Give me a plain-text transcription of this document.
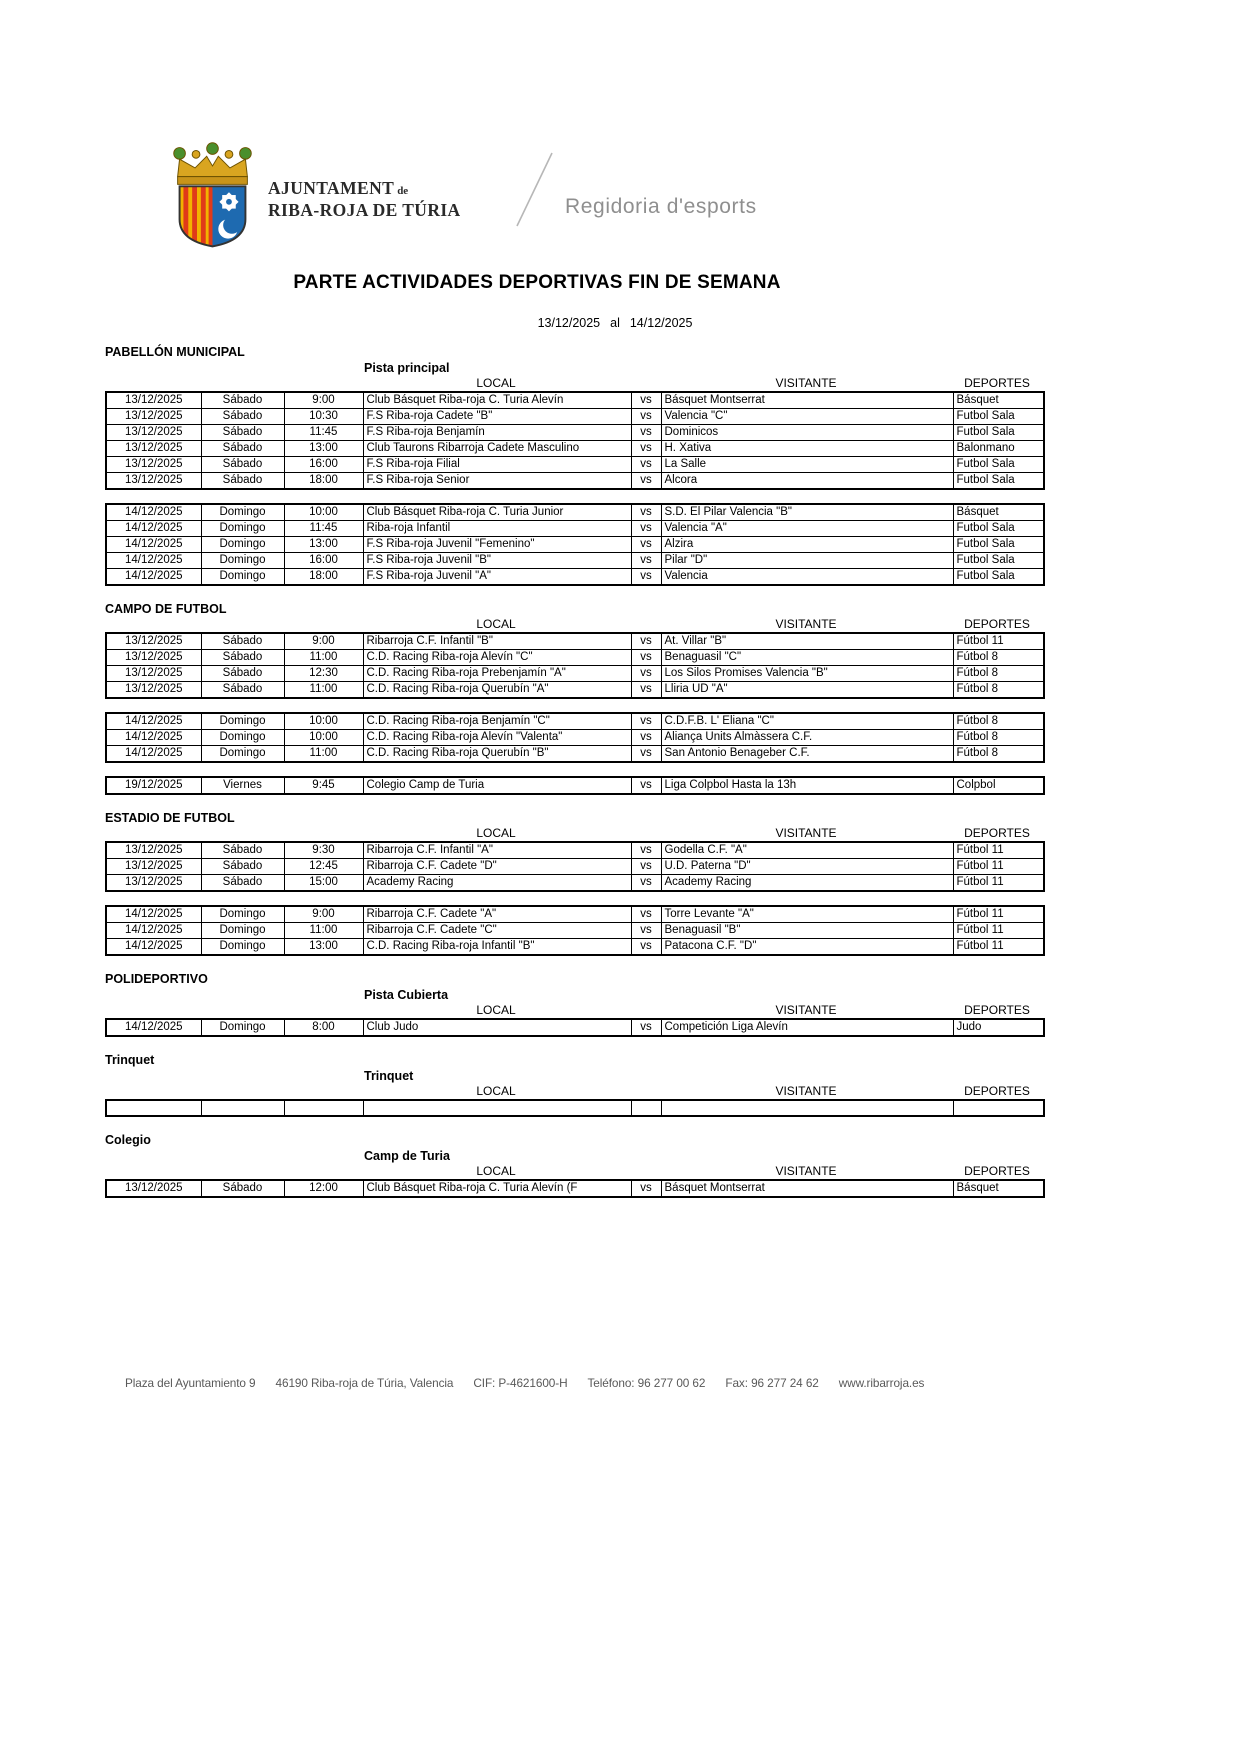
AJUNTAMENT de
RIBA-ROJA DE TÚRIA	Regidoria d'esports
PARTE ACTIVIDADES DEPORTIVAS FIN DE SEMANA
13/12/2025 al 14/12/2025
PABELLÓN MUNICIPAL
Pista principal
LOCAL	VISITANTE	DEPORTES
13/12/2025	Sábado	9:00	Club Básquet Riba-roja C. Turia Alevín	vs	Básquet Montserrat	Básquet
13/12/2025	Sábado	10:30	F.S Riba-roja Cadete "B"	vs	Valencia "C"	Futbol Sala
13/12/2025	Sábado	11:45	F.S Riba-roja Benjamín	vs	Dominicos	Futbol Sala
13/12/2025	Sábado	13:00	Club Taurons Ribarroja Cadete Masculino	vs	H. Xativa	Balonmano
13/12/2025	Sábado	16:00	F.S Riba-roja Filial	vs	La Salle	Futbol Sala
13/12/2025	Sábado	18:00	F.S Riba-roja Senior	vs	Alcora	Futbol Sala
14/12/2025	Domingo	10:00	Club Básquet Riba-roja C. Turia Junior	vs	S.D. El Pilar Valencia "B"	Básquet
14/12/2025	Domingo	11:45	Riba-roja Infantil	vs	Valencia "A"	Futbol Sala
14/12/2025	Domingo	13:00	F.S Riba-roja Juvenil "Femenino"	vs	Alzira	Futbol Sala
14/12/2025	Domingo	16:00	F.S Riba-roja Juvenil "B"	vs	Pilar "D"	Futbol Sala
14/12/2025	Domingo	18:00	F.S Riba-roja Juvenil "A"	vs	Valencia	Futbol Sala
CAMPO DE FUTBOL
LOCAL	VISITANTE	DEPORTES
13/12/2025	Sábado	9:00	Ribarroja C.F. Infantil "B"	vs	At. Villar "B"	Fútbol 11
13/12/2025	Sábado	11:00	C.D. Racing Riba-roja Alevín "C"	vs	Benaguasil "C"	Fútbol 8
13/12/2025	Sábado	12:30	C.D. Racing Riba-roja Prebenjamín "A"	vs	Los Silos Promises Valencia "B"	Fútbol 8
13/12/2025	Sábado	11:00	C.D. Racing Riba-roja Querubín "A"	vs	Lliria UD "A"	Fútbol 8
14/12/2025	Domingo	10:00	C.D. Racing Riba-roja Benjamín "C"	vs	C.D.F.B. L' Eliana "C"	Fútbol 8
14/12/2025	Domingo	10:00	C.D. Racing Riba-roja Alevín "Valenta"	vs	Aliança Units Almàssera C.F.	Fútbol 8
14/12/2025	Domingo	11:00	C.D. Racing Riba-roja Querubín "B"	vs	San Antonio Benageber C.F.	Fútbol 8
19/12/2025	Viernes	9:45	Colegio Camp de Turia	vs	Liga Colpbol Hasta la 13h	Colpbol
ESTADIO DE FUTBOL
LOCAL	VISITANTE	DEPORTES
13/12/2025	Sábado	9:30	Ribarroja C.F. Infantil "A"	vs	Godella C.F. "A"	Fútbol 11
13/12/2025	Sábado	12:45	Ribarroja C.F. Cadete "D"	vs	U.D. Paterna "D"	Fútbol 11
13/12/2025	Sábado	15:00	Academy Racing	vs	Academy Racing	Fútbol 11
14/12/2025	Domingo	9:00	Ribarroja C.F. Cadete "A"	vs	Torre Levante "A"	Fútbol 11
14/12/2025	Domingo	11:00	Ribarroja C.F. Cadete "C"	vs	Benaguasil "B"	Fútbol 11
14/12/2025	Domingo	13:00	C.D. Racing Riba-roja Infantil "B"	vs	Patacona C.F. "D"	Fútbol 11
POLIDEPORTIVO
Pista Cubierta
LOCAL	VISITANTE	DEPORTES
14/12/2025	Domingo	8:00	Club Judo	vs	Competición Liga Alevín	Judo
Trinquet
Trinquet
LOCAL	VISITANTE	DEPORTES

Colegio
Camp de Turia
LOCAL	VISITANTE	DEPORTES
13/12/2025	Sábado	12:00	Club Básquet Riba-roja C. Turia Alevín (F	vs	Básquet Montserrat	Básquet
Plaza del Ayuntamiento 9 46190 Riba-roja de Túria, Valencia CIF: P-4621600-H Teléfono: 96 277 00 62 Fax: 96 277 24 62 www.ribarroja.es
